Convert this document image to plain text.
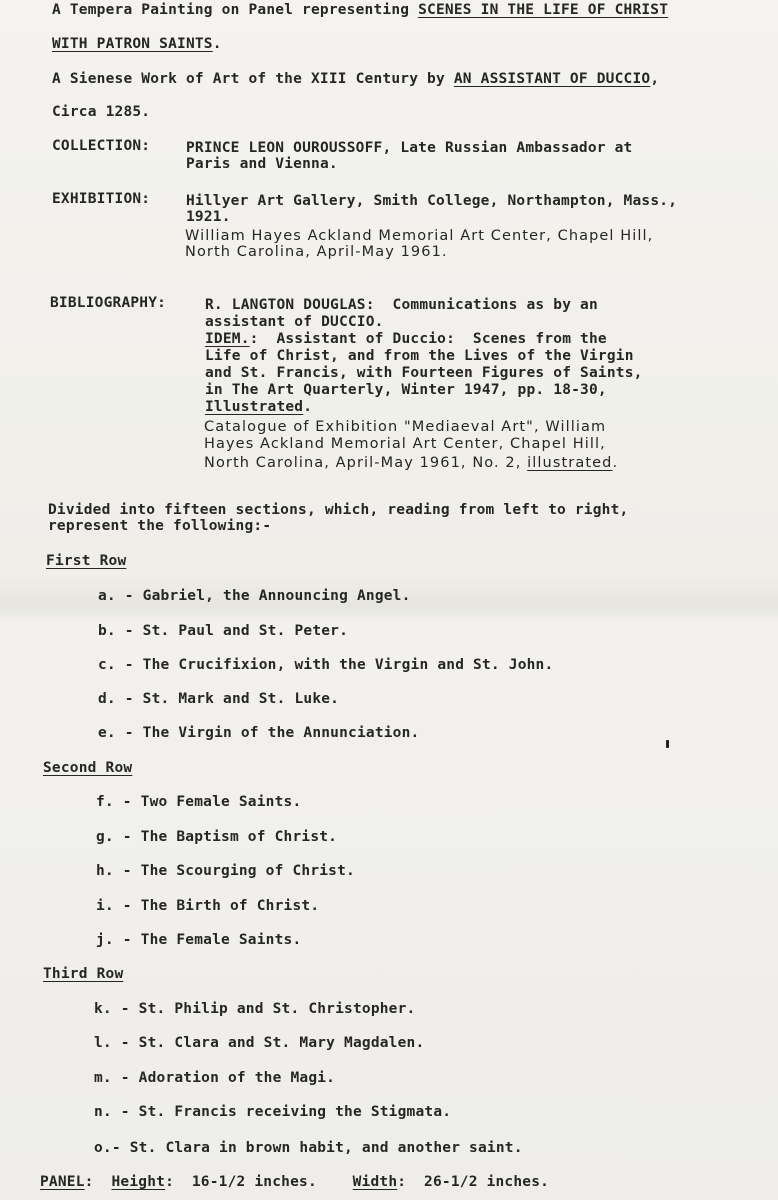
A Tempera Painting on Panel representing SCENES IN THE LIFE OF CHRIST
WITH PATRON SAINTS.
A Sienese Work of Art of the XIII Century by AN ASSISTANT OF DUCCIO,
Circa 1285.
COLLECTION: PRINCE LEON OUROUSSOFF, Late Russian Ambassador at
Paris and Vienna.
EXHIBITION: Hillyer Art Gallery, Smith College, Northampton, Mass.,
1921.
William Hayes Ackland Memorial Art Center, Chapel Hill,
North Carolina, April-May 1961.
BIBLIOGRAPHY:	R. LANGTON DOUGLAS:  Communications as by an
assistant of DUCCIO.
IDEM.:  Assistant of Duccio:  Scenes from the
Life of Christ, and from the Lives of the Virgin
and St. Francis, with Fourteen Figures of Saints,
in The Art Quarterly, Winter 1947, pp. 18-30,
Illustrated.
Catalogue of Exhibition "Mediaeval Art", William
Hayes Ackland Memorial Art Center, Chapel Hill,
North Carolina, April-May 1961, No. 2, illustrated.
Divided into fifteen sections, which, reading from left to right,
represent the following:-
First Row
a. - Gabriel, the Announcing Angel.
b. - St. Paul and St. Peter.
c. - The Crucifixion, with the Virgin and St. John.
d. - St. Mark and St. Luke.
e. - The Virgin of the Annunciation.
Second Row
f. - Two Female Saints.
g. - The Baptism of Christ.
h. - The Scourging of Christ.
i. - The Birth of Christ.
j. - The Female Saints.
Third Row
k. - St. Philip and St. Christopher.
l. - St. Clara and St. Mary Magdalen.
m. - Adoration of the Magi.
n. - St. Francis receiving the Stigmata.
o.- St. Clara in brown habit, and another saint.
PANEL: Height:  16-1/2 inches. Width:  26-1/2 inches.
